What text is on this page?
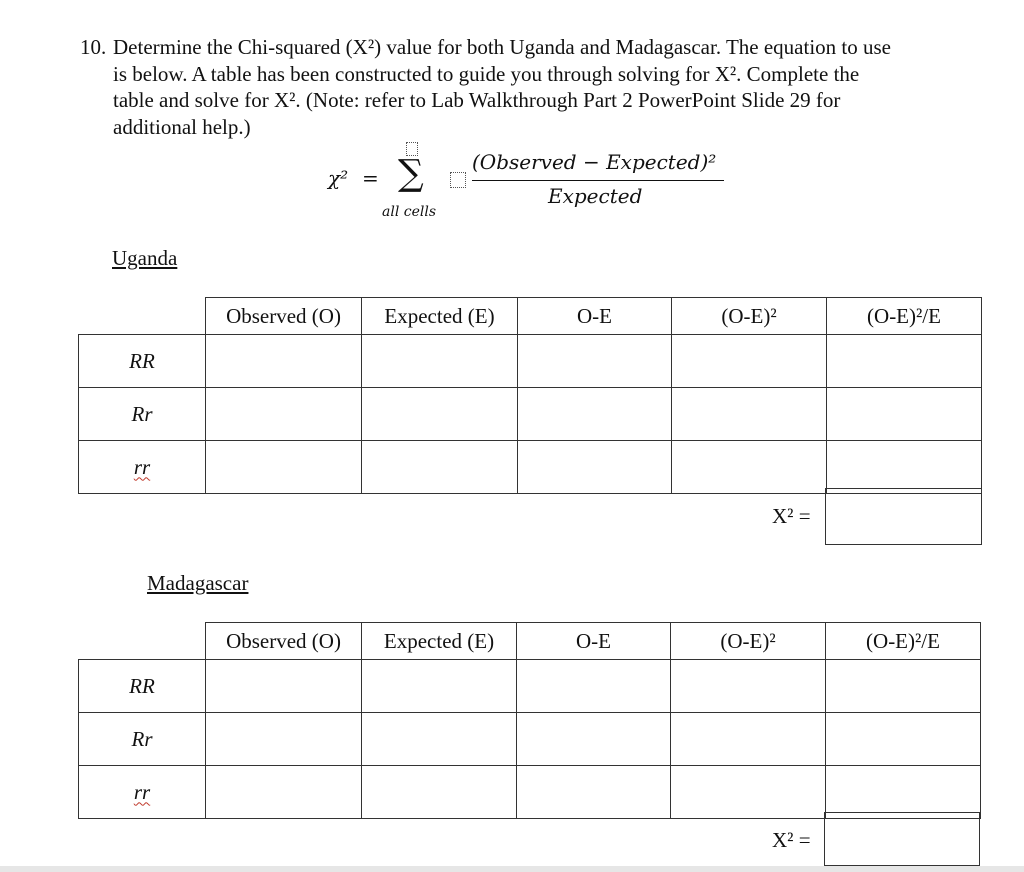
10. Determine the Chi-squared (X²) value for both Uganda and Madagascar. The equation to use
is below. A table has been constructed to guide you through solving for X². Complete the
table and solve for X². (Note: refer to Lab Walkthrough Part 2 PowerPoint Slide 29 for
additional help.)
χ² = ∑
all cells
(Observed − Expected)²
Expected
Uganda
	Observed (O)	Expected (E)	O-E	(O-E)²	(O-E)²/E
RR					
Rr					
rr					
X² =
Madagascar
	Observed (O)	Expected (E)	O-E	(O-E)²	(O-E)²/E
RR					
Rr					
rr					
X² =
